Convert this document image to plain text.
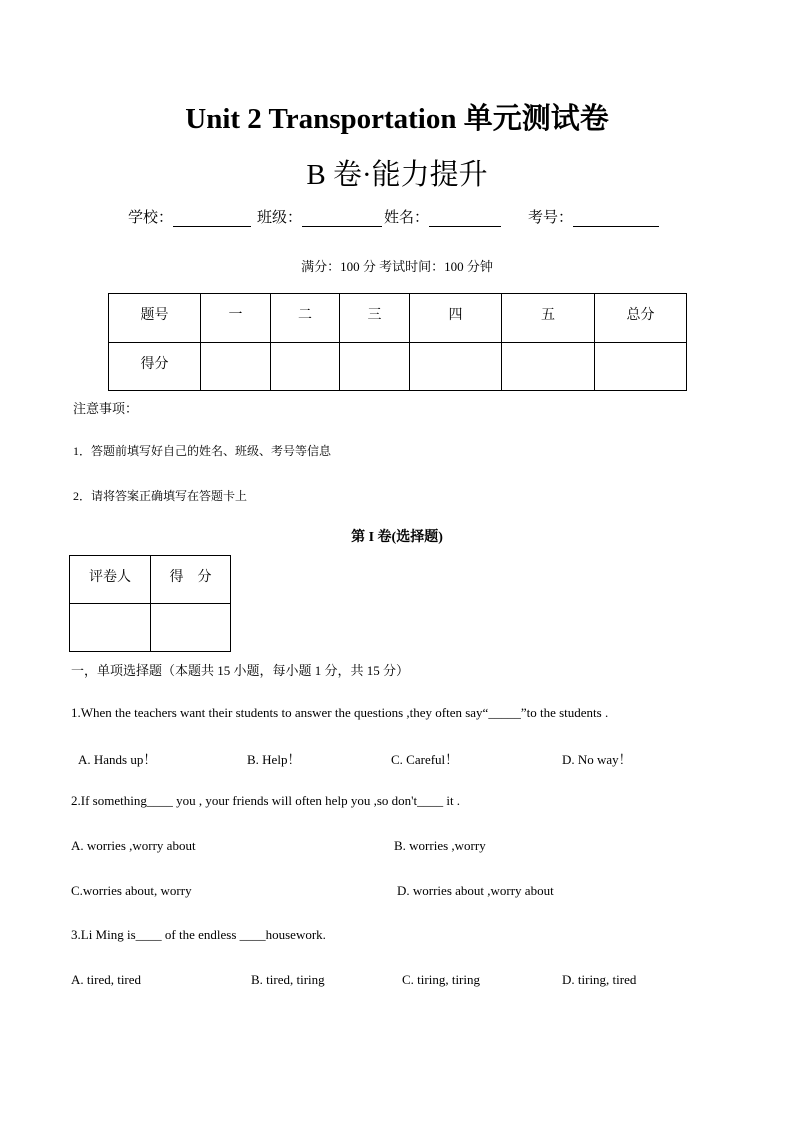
Unit 2 Transportation 单元测试卷
B 卷·能力提升
学校：	班级：	姓名：	考号：
满分：100 分 考试时间：100 分钟
题号	一	二	三	四	五	总分
得分						
注意事项：
1．答题前填写好自己的姓名、班级、考号等信息
2．请将答案正确填写在答题卡上
第 I 卷(选择题)
评卷人	得　分

一，单项选择题（本题共 15 小题，每小题 1 分，共 15 分）
1.When the teachers want their students to answer the questions ,they often say“_____”to the students .
A. Hands up！	B. Help！	C. Careful！	D. No way！
2.If something____ you , your friends will often help you ,so don't____ it .
A. worries ,worry about	B. worries ,worry
C.worries about, worry	D. worries about ,worry about
3.Li Ming is____ of the endless ____housework.
A. tired, tired	B. tired, tiring	C. tiring, tiring	D. tiring, tired
